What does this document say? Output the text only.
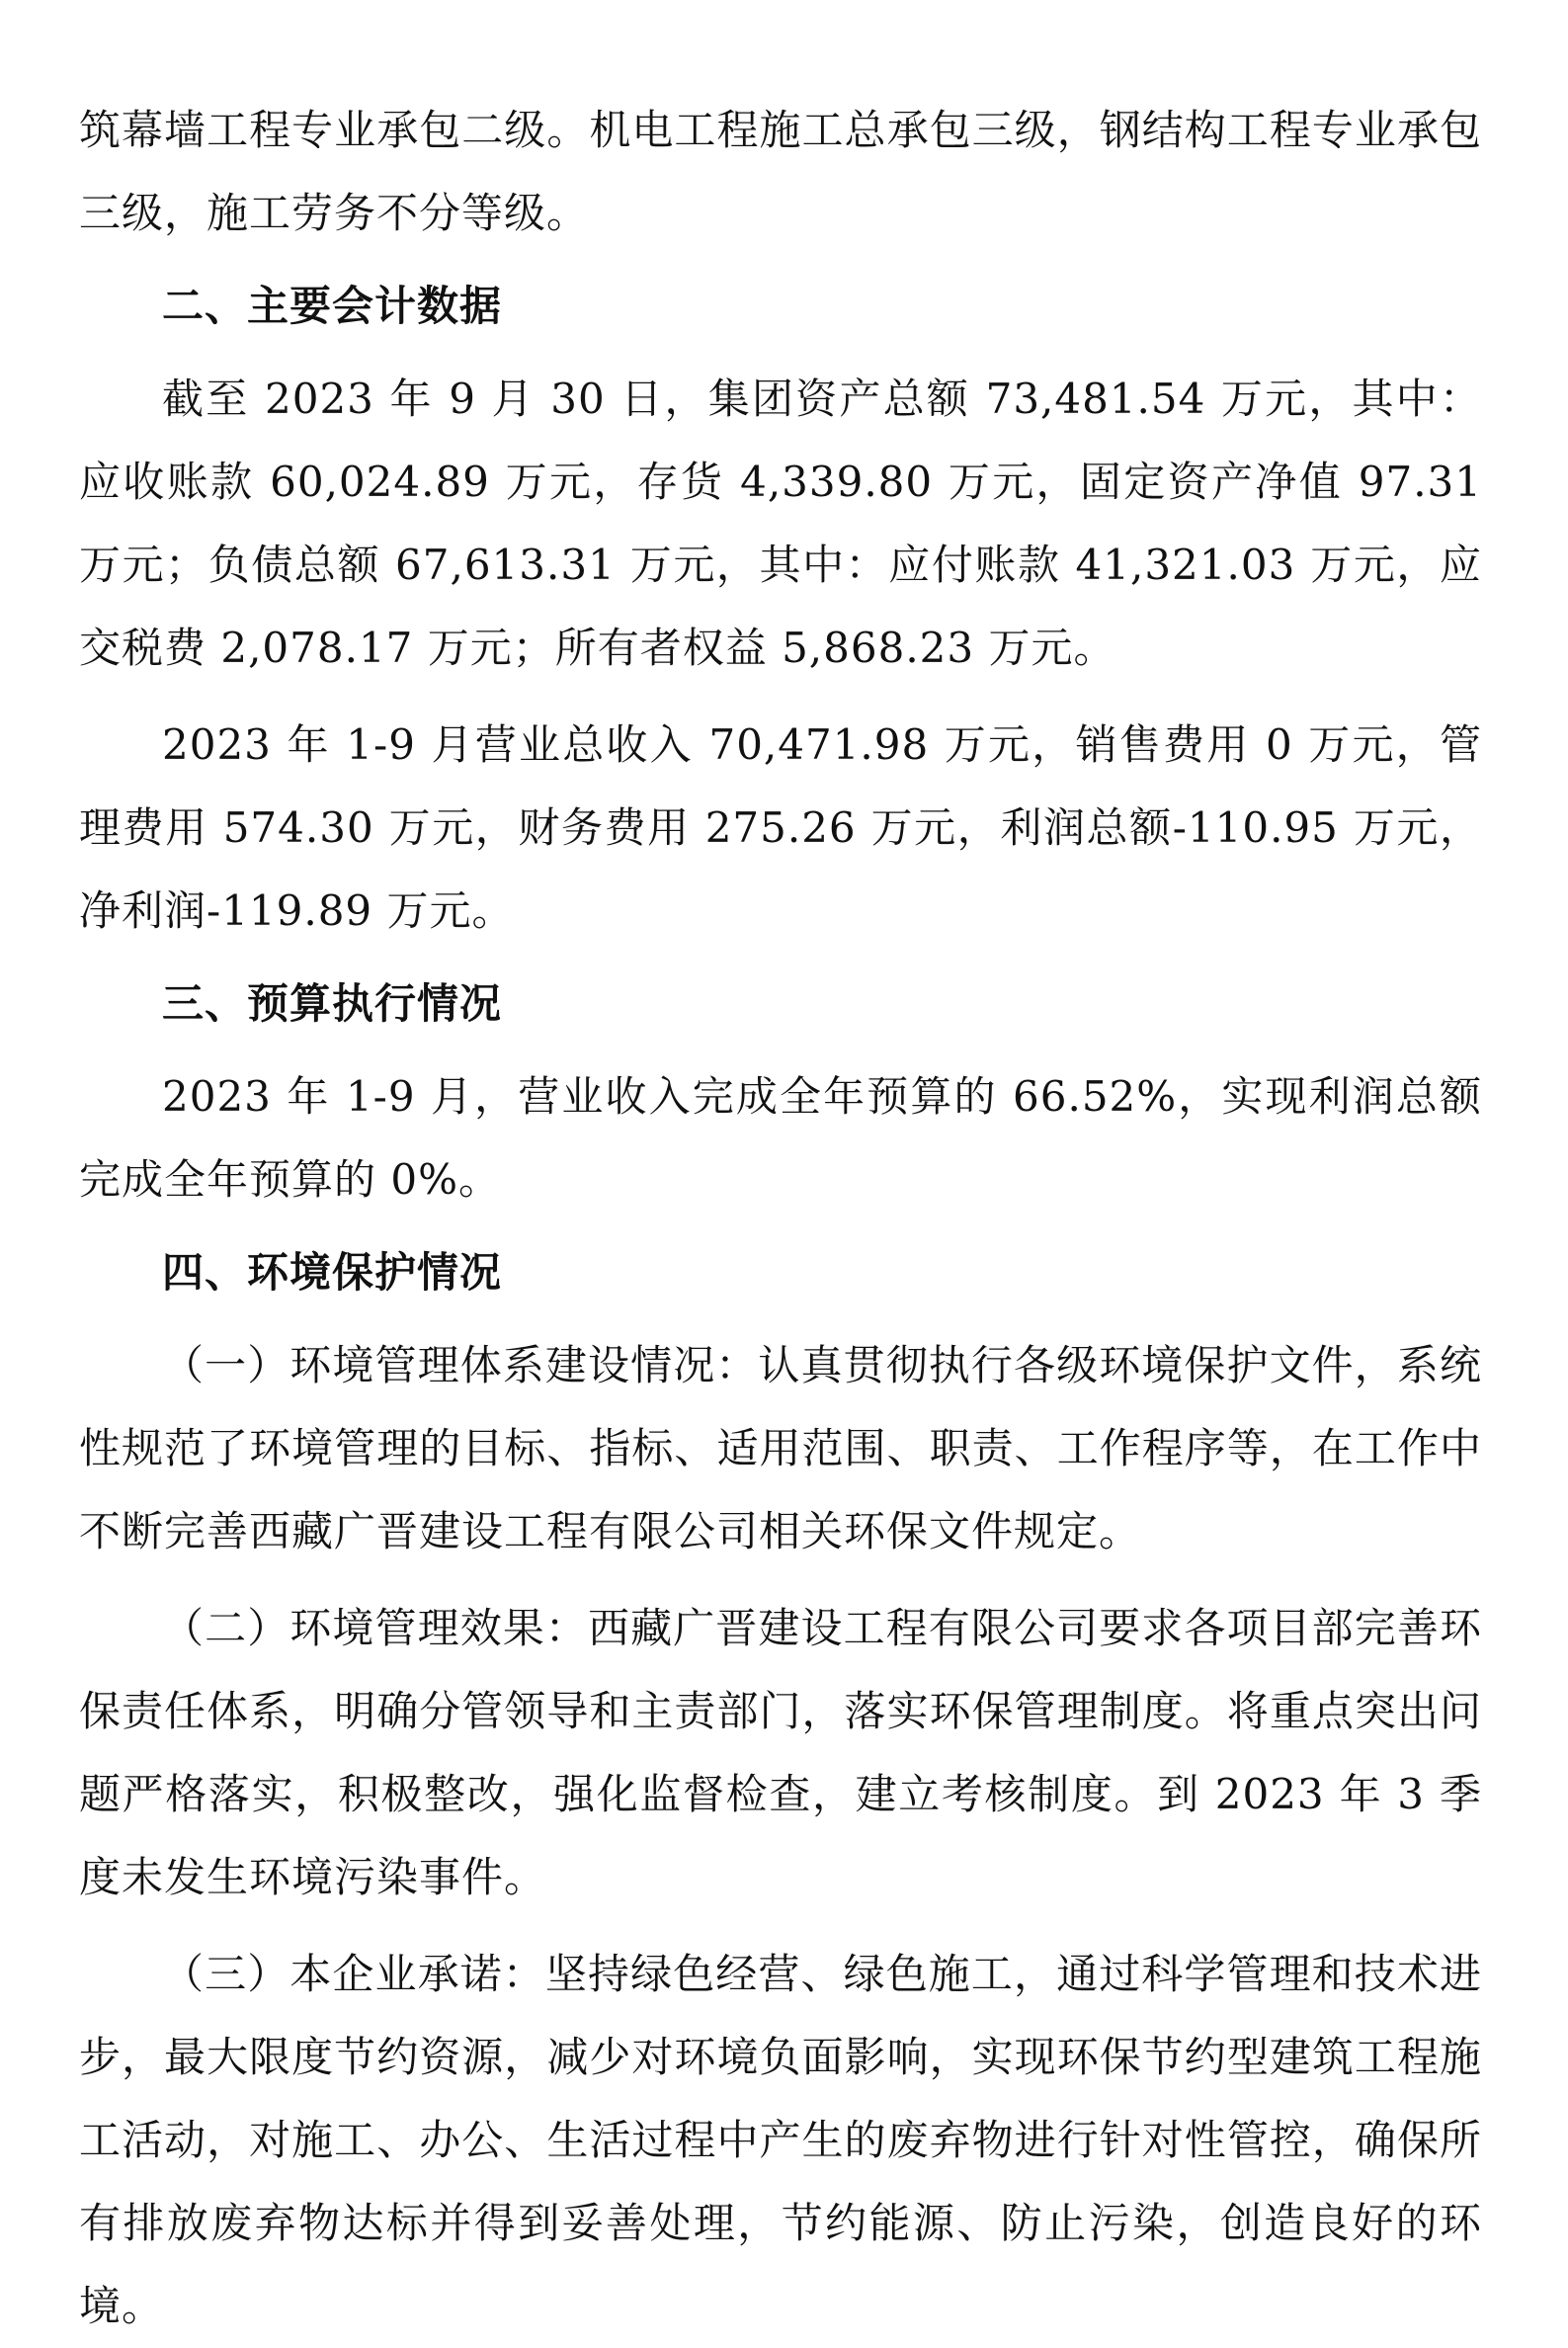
筑幕墙工程专业承包二级。机电工程施工总承包三级，钢结构工程专业承包三级，施工劳务不分等级。

二、主要会计数据

截至 2023 年 9 月 30 日，集团资产总额 73,481.54 万元，其中：应收账款 60,024.89 万元，存货 4,339.80 万元，固定资产净值 97.31 万元；负债总额 67,613.31 万元，其中：应付账款 41,321.03 万元，应交税费 2,078.17 万元；所有者权益 5,868.23 万元。

2023 年 1-9 月营业总收入 70,471.98 万元，销售费用 0 万元，管理费用 574.30 万元，财务费用 275.26 万元，利润总额-110.95 万元，净利润-119.89 万元。

三、预算执行情况

2023 年 1-9 月，营业收入完成全年预算的 66.52%，实现利润总额完成全年预算的 0%。

四、环境保护情况

（一）环境管理体系建设情况：认真贯彻执行各级环境保护文件，系统性规范了环境管理的目标、指标、适用范围、职责、工作程序等，在工作中不断完善西藏广晋建设工程有限公司相关环保文件规定。

（二）环境管理效果：西藏广晋建设工程有限公司要求各项目部完善环保责任体系，明确分管领导和主责部门，落实环保管理制度。将重点突出问题严格落实，积极整改，强化监督检查，建立考核制度。到 2023 年 3 季度未发生环境污染事件。

（三）本企业承诺：坚持绿色经营、绿色施工，通过科学管理和技术进步，最大限度节约资源，减少对环境负面影响，实现环保节约型建筑工程施工活动，对施工、办公、生活过程中产生的废弃物进行针对性管控，确保所有排放废弃物达标并得到妥善处理，节约能源、防止污染，创造良好的环境。
